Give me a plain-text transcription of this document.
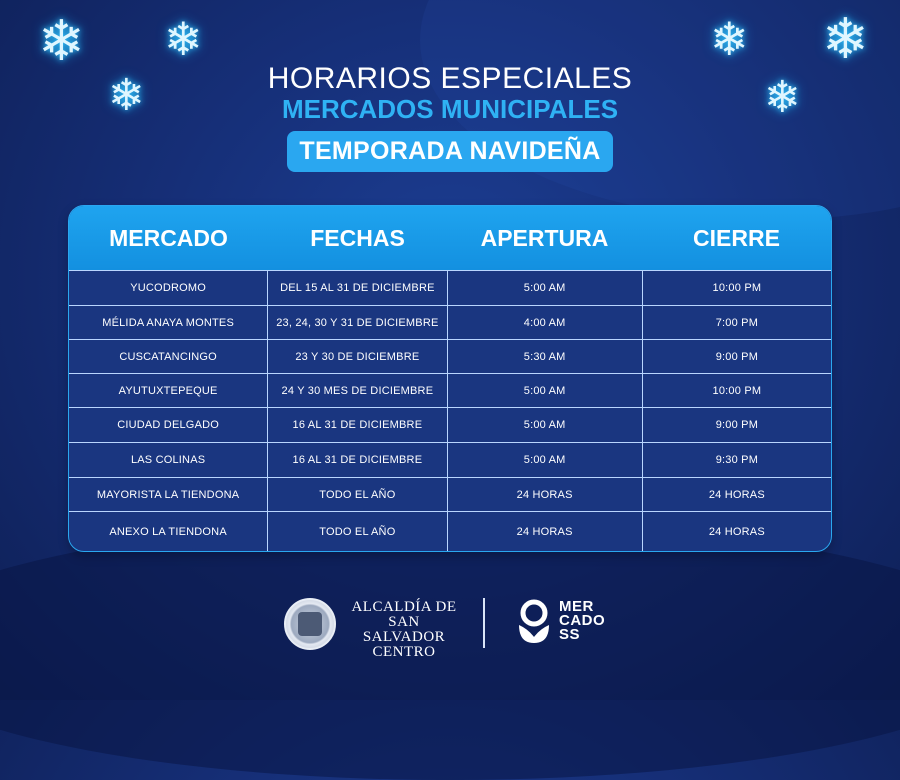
❄ ❄
❄
❄ ❄
❄
HORARIOS ESPECIALES
MERCADOS MUNICIPALES
TEMPORADA NAVIDEÑA
MERCADO	FECHAS	APERTURA	CIERRE
YUCODROMO	DEL 15 AL 31 DE DICIEMBRE	5:00 AM	10:00 PM
MÉLIDA ANAYA MONTES	23, 24, 30 Y 31 DE DICIEMBRE	4:00 AM	7:00 PM
CUSCATANCINGO	23 Y 30 DE DICIEMBRE	5:30 AM	9:00 PM
AYUTUXTEPEQUE	24 Y 30 MES DE DICIEMBRE	5:00 AM	10:00 PM
CIUDAD DELGADO	16 AL 31 DE DICIEMBRE	5:00 AM	9:00 PM
LAS COLINAS	16 AL 31 DE DICIEMBRE	5:00 AM	9:30 PM
MAYORISTA LA TIENDONA	TODO EL AÑO	24 HORAS	24 HORAS
ANEXO LA TIENDONA	TODO EL AÑO	24 HORAS	24 HORAS
ALCALDÍA DE
SAN SALVADOR
CENTRO
MER
CADO
SS
